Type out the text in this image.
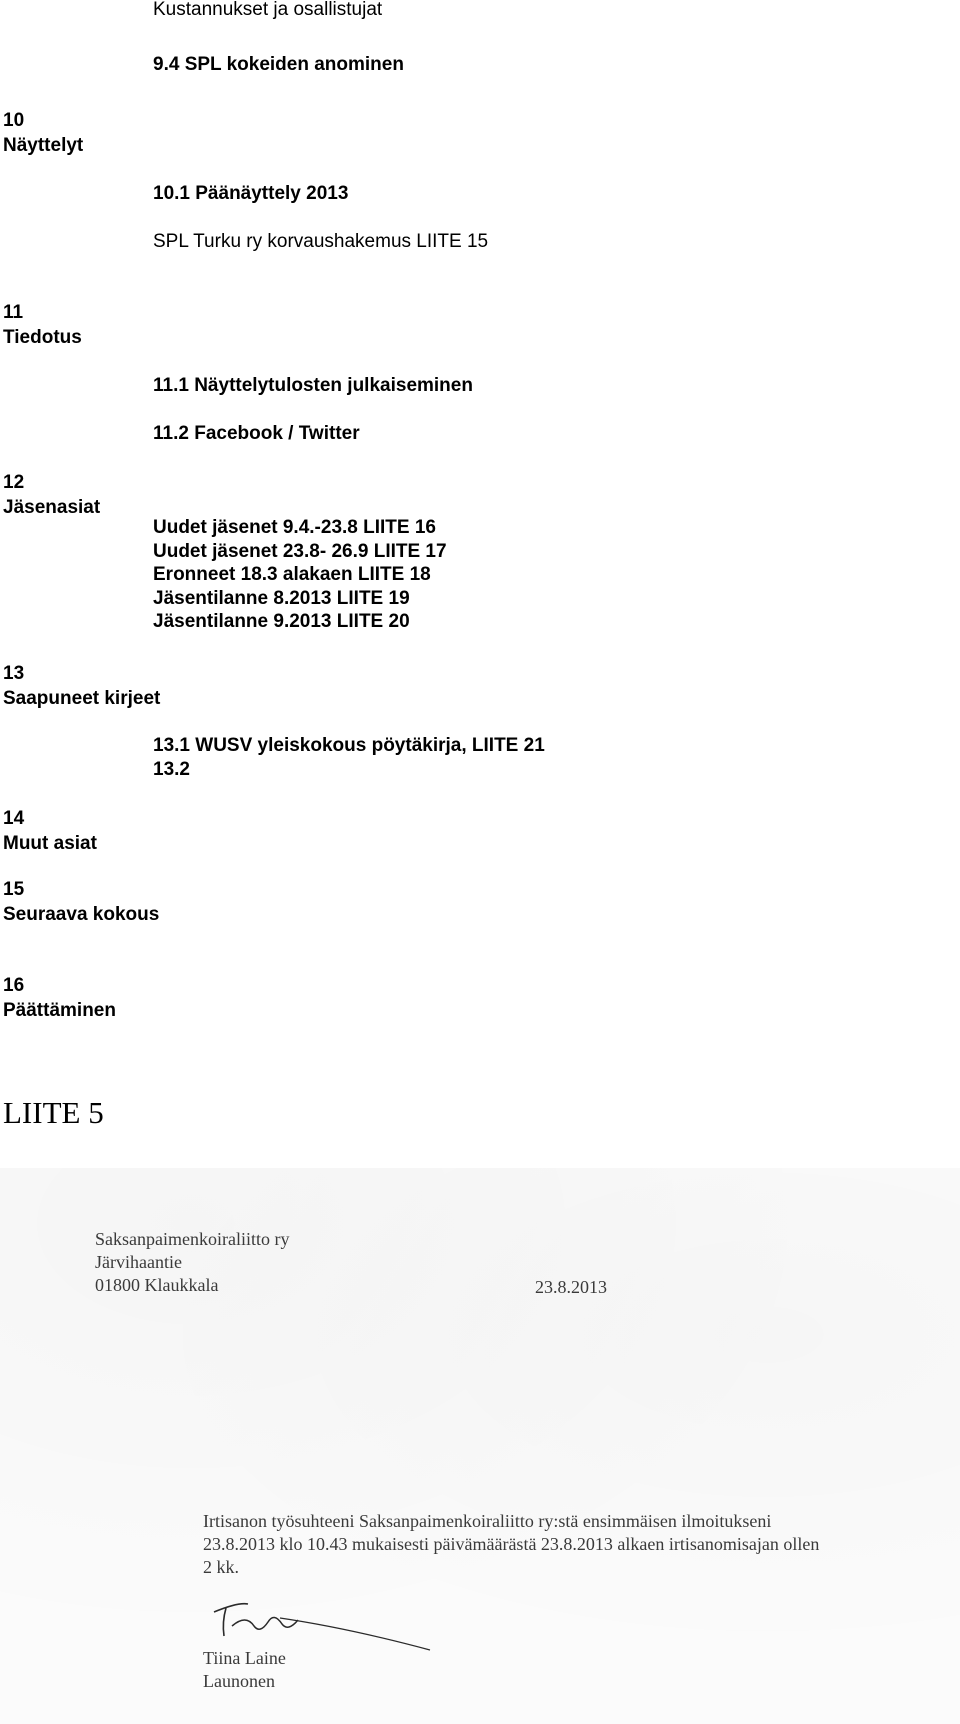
Kustannukset ja osallistujat
9.4 SPL kokeiden anominen
10
Näyttelyt
10.1 Päänäyttely 2013
SPL Turku ry korvaushakemus LIITE 15
11
Tiedotus
11.1 Näyttelytulosten julkaiseminen
11.2 Facebook / Twitter
12
Jäsenasiat
Uudet jäsenet 9.4.-23.8 LIITE 16
Uudet jäsenet 23.8- 26.9 LIITE 17
Eronneet 18.3 alakaen LIITE 18
Jäsentilanne 8.2013 LIITE 19
Jäsentilanne 9.2013 LIITE 20
13
Saapuneet kirjeet
13.1 WUSV yleiskokous pöytäkirja, LIITE 21
13.2
14
Muut asiat
15
Seuraava kokous
16
Päättäminen
LIITE 5
Saksanpaimenkoiraliitto ry
Järvihaantie
01800 Klaukkala	23.8.2013
Irtisanon työsuhteeni Saksanpaimenkoiraliitto ry:stä ensimmäisen ilmoitukseni
23.8.2013 klo 10.43 mukaisesti päivämäärästä 23.8.2013 alkaen irtisanomisajan ollen
2 kk.
Tiina Laine
Launonen
